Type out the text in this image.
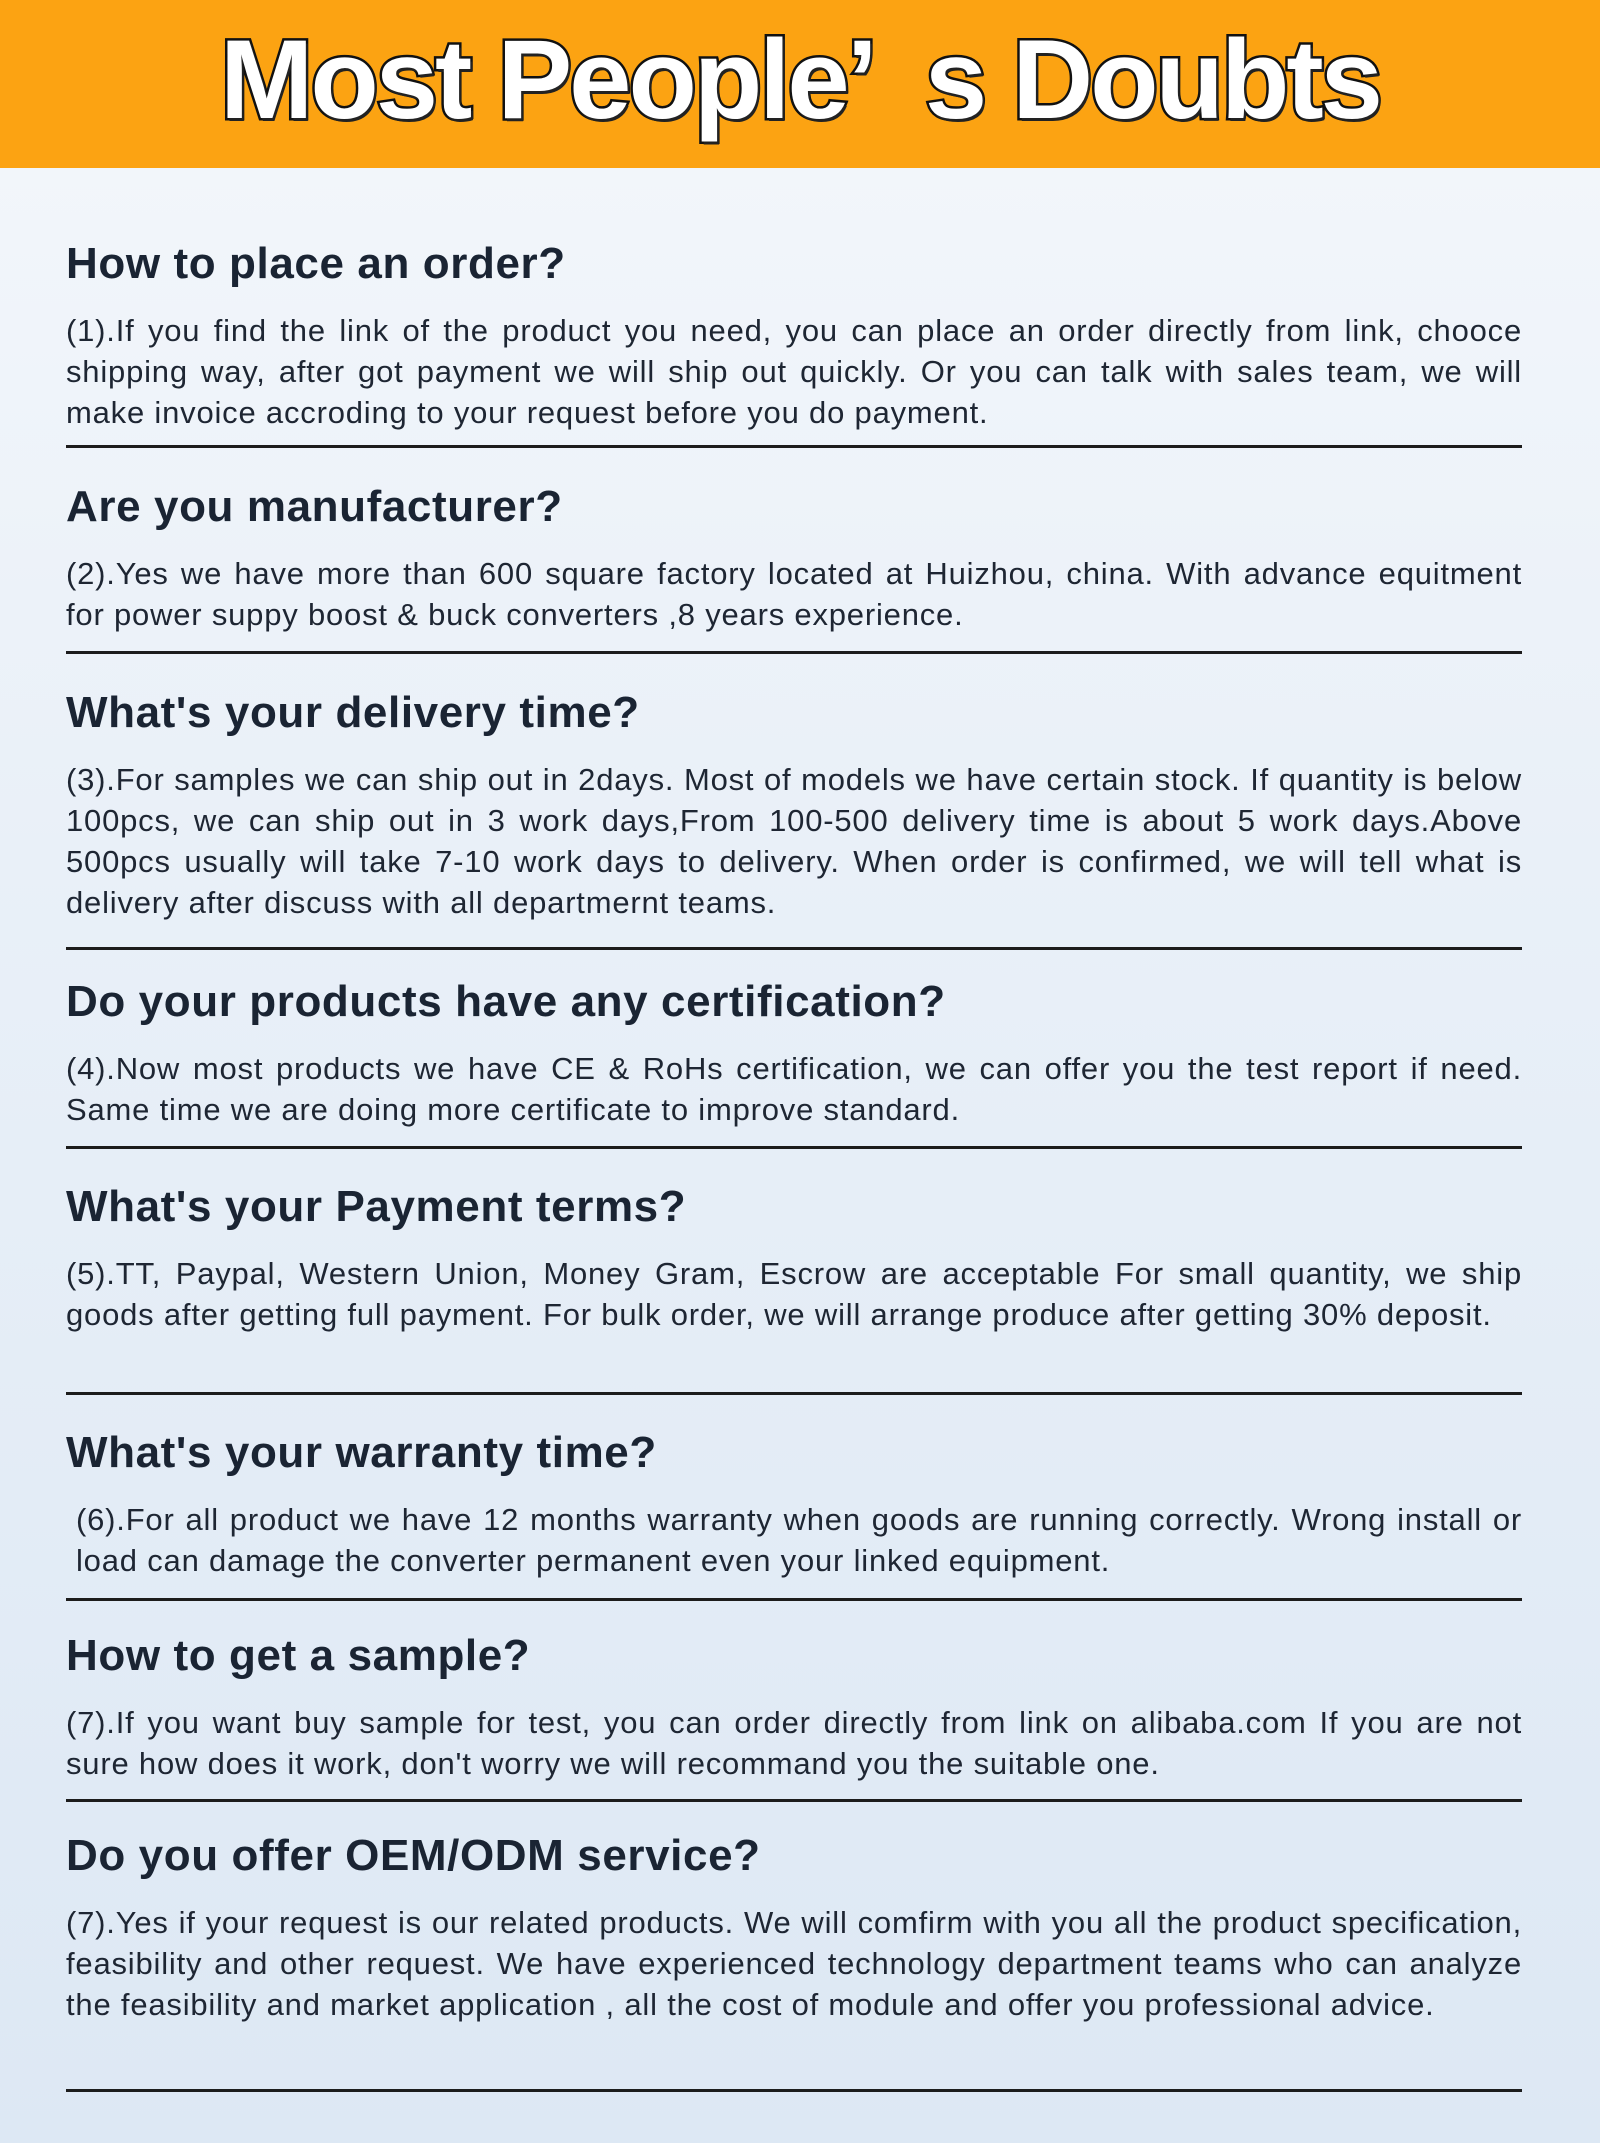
Most People’  s Doubts
How to place an order?
(1).If you find the link of the product you need, you can place an order directly from link, chooce shipping way, after got payment we will ship out quickly. Or you can talk with sales team, we will make invoice accroding to your request before you do payment.
Are you manufacturer?
(2).Yes we have more than 600 square factory located at Huizhou, china. With advance equitment for power suppy boost & buck converters ,8 years experience.
What's your delivery time?
(3).For samples we can ship out in 2days. Most of models we have certain stock. If quantity is below 100pcs, we can ship out in 3 work days,From 100-500 delivery time is about 5 work days.Above 500pcs usually will take 7-10 work days to delivery. When order is confirmed, we will tell what is delivery after discuss with all departmernt teams.
Do your products have any certification?
(4).Now most products we have CE & RoHs certification, we can offer you the test report if need. Same time we are doing more certificate to improve standard.
What's your Payment terms?
(5).TT, Paypal, Western Union, Money Gram, Escrow are acceptable For small quantity, we ship goods after getting full payment. For bulk order, we will arrange produce after getting 30% deposit.
What's your warranty time?
(6).For all product we have 12 months warranty when goods are running correctly. Wrong install or load can damage the converter permanent even your linked equipment.
How to get a sample?
(7).If you want buy sample for test, you can order directly from link on alibaba.com If you are not sure how does it work, don't worry we will recommand you the suitable one.
Do you offer OEM/ODM service?
(7).Yes if your request is our related products. We will comfirm with you all the product specification, feasibility and other request. We have experienced technology department teams who can analyze the feasibility and market application , all the cost of module and offer you professional advice.
